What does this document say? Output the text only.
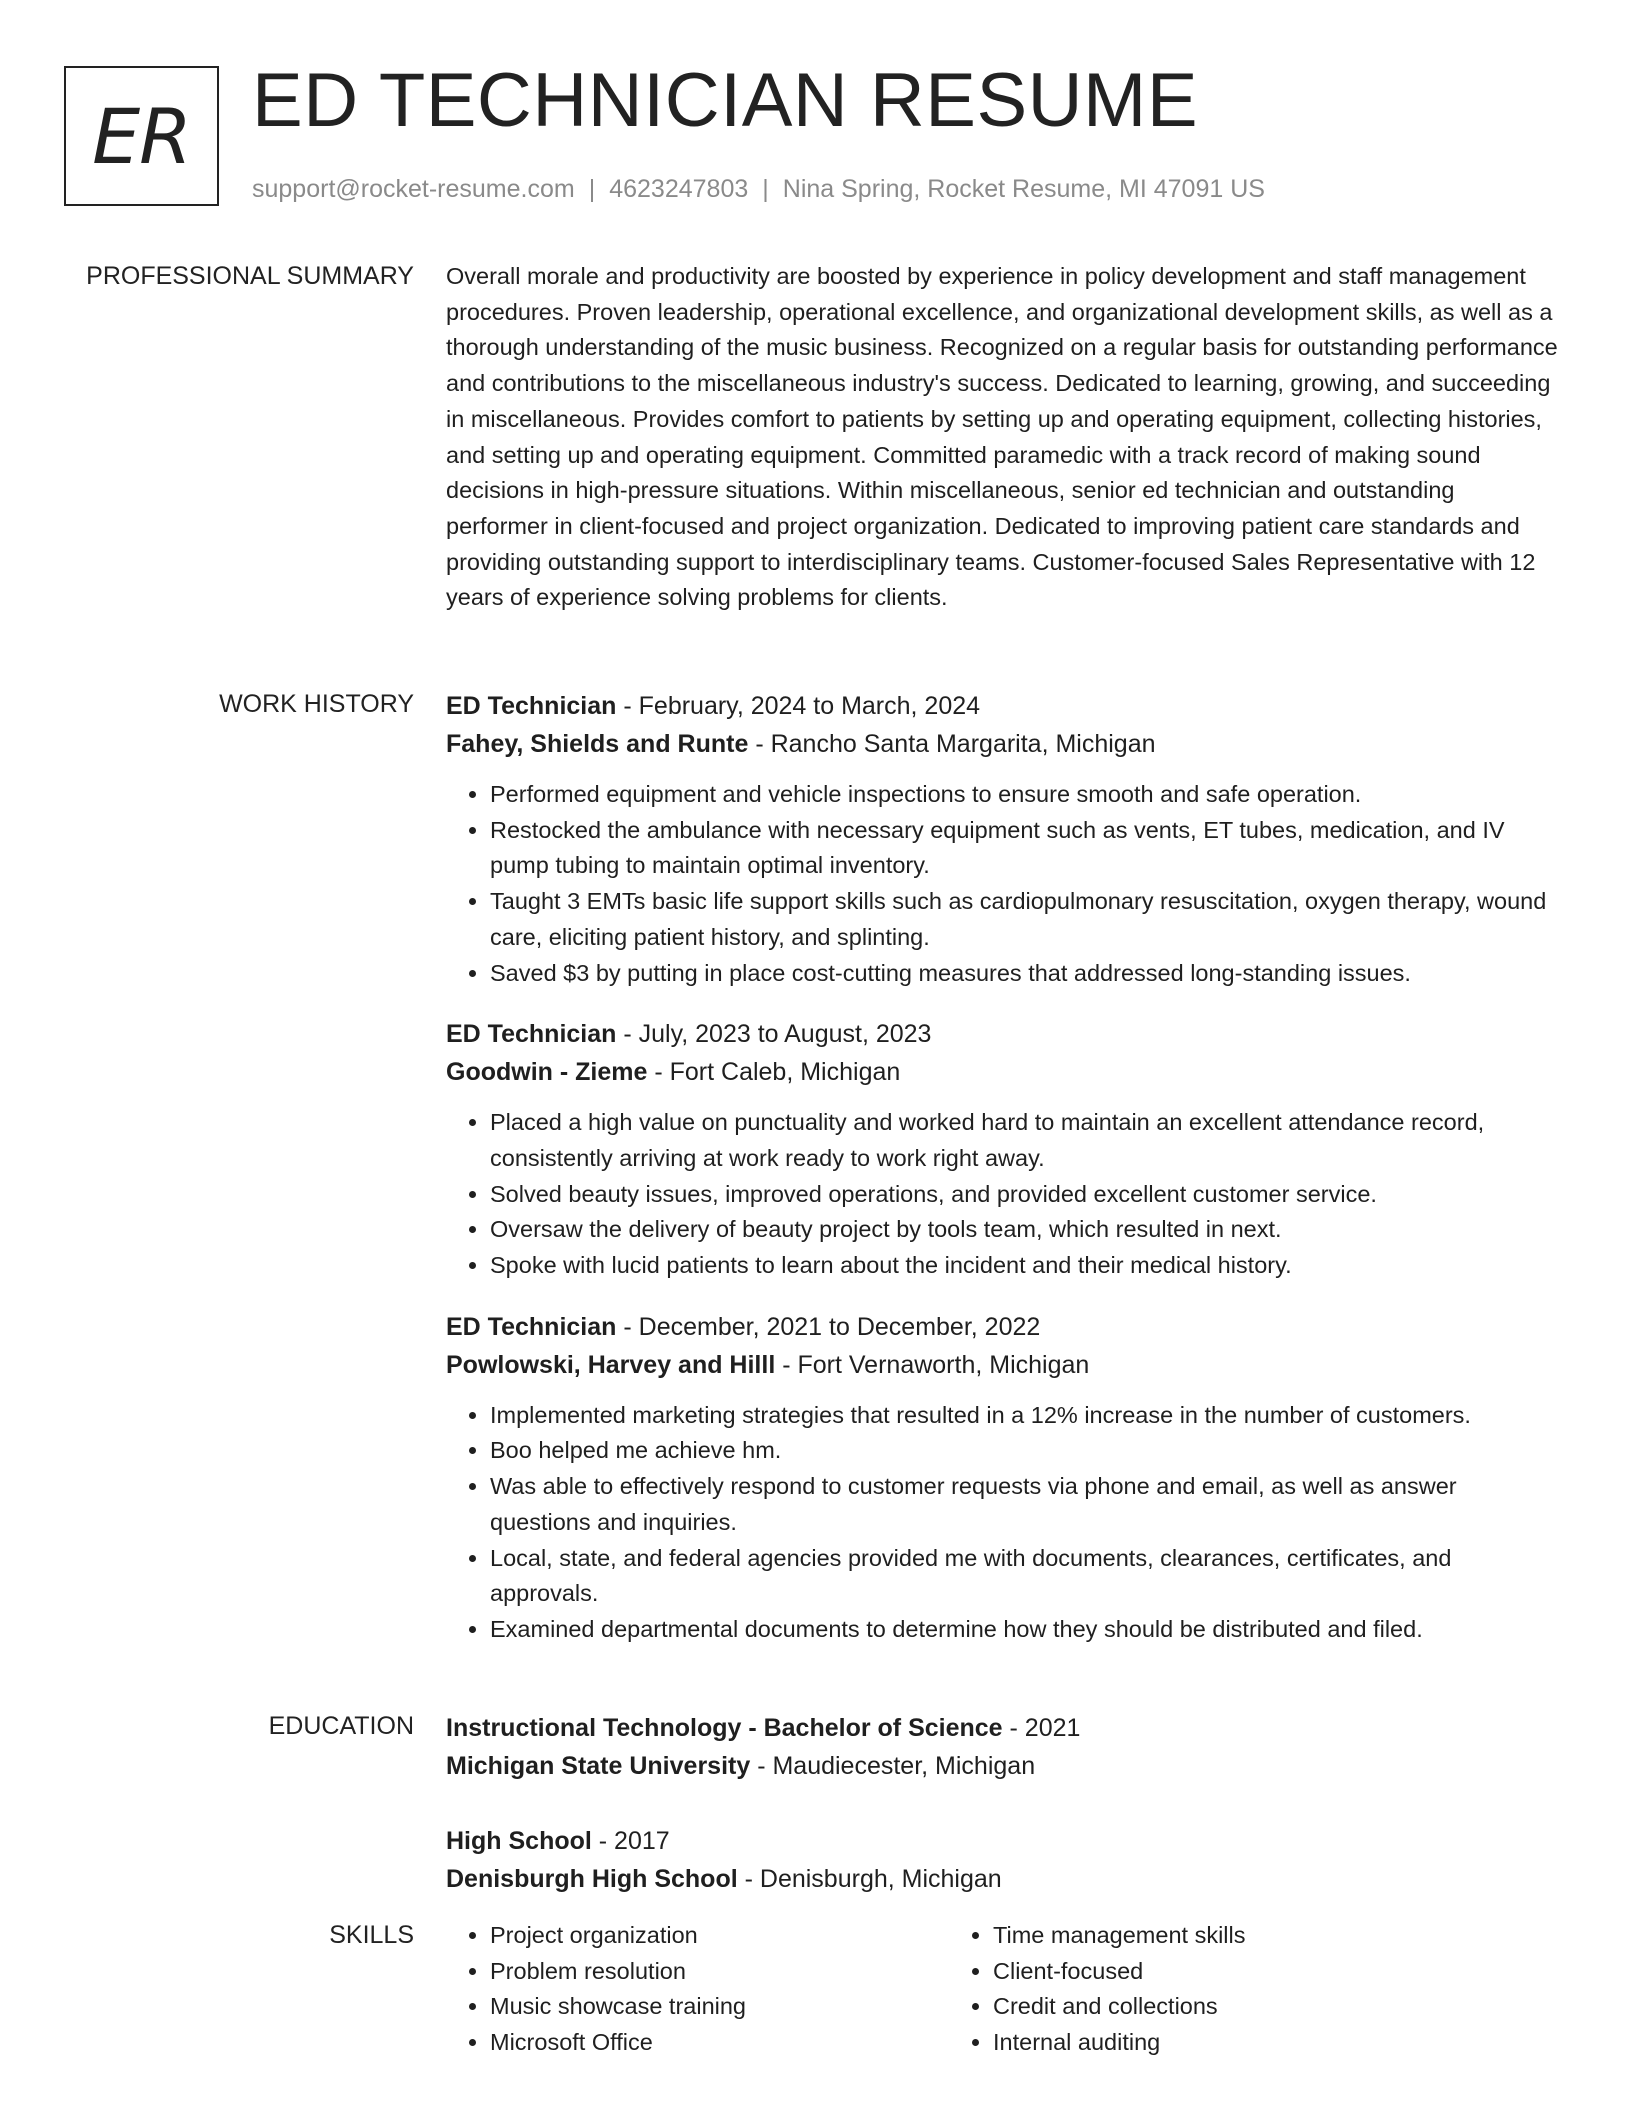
ER ED TECHNICIAN RESUME
support@rocket-resume.com | 4623247803 | Nina Spring, Rocket Resume, MI 47091 US
PROFESSIONAL SUMMARY Overall morale and productivity are boosted by experience in policy development and staff management procedures. Proven leadership, operational excellence, and organizational development skills, as well as a thorough understanding of the music business. Recognized on a regular basis for outstanding performance and contributions to the miscellaneous industry's success. Dedicated to learning, growing, and succeeding in miscellaneous. Provides comfort to patients by setting up and operating equipment, collecting histories, and setting up and operating equipment. Committed paramedic with a track record of making sound decisions in high-pressure situations. Within miscellaneous, senior ed technician and outstanding performer in client-focused and project organization. Dedicated to improving patient care standards and providing outstanding support to interdisciplinary teams. Customer-focused Sales Representative with 12 years of experience solving problems for clients.

WORK HISTORY ED Technician - February, 2024 to March, 2024
Fahey, Shields and Runte - Rancho Santa Margarita, Michigan
• Performed equipment and vehicle inspections to ensure smooth and safe operation.
• Restocked the ambulance with necessary equipment such as vents, ET tubes, medication, and IV pump tubing to maintain optimal inventory.
• Taught 3 EMTs basic life support skills such as cardiopulmonary resuscitation, oxygen therapy, wound care, eliciting patient history, and splinting.
• Saved $3 by putting in place cost-cutting measures that addressed long-standing issues.
ED Technician - July, 2023 to August, 2023
Goodwin - Zieme - Fort Caleb, Michigan
• Placed a high value on punctuality and worked hard to maintain an excellent attendance record, consistently arriving at work ready to work right away.
• Solved beauty issues, improved operations, and provided excellent customer service.
• Oversaw the delivery of beauty project by tools team, which resulted in next.
• Spoke with lucid patients to learn about the incident and their medical history.
ED Technician - December, 2021 to December, 2022
Powlowski, Harvey and Hilll - Fort Vernaworth, Michigan
• Implemented marketing strategies that resulted in a 12% increase in the number of customers.
• Boo helped me achieve hm.
• Was able to effectively respond to customer requests via phone and email, as well as answer questions and inquiries.
• Local, state, and federal agencies provided me with documents, clearances, certificates, and approvals.
• Examined departmental documents to determine how they should be distributed and filed.
EDUCATION Instructional Technology - Bachelor of Science - 2021
Michigan State University - Maudiecester, Michigan
High School - 2017
Denisburgh High School - Denisburgh, Michigan
SKILLS
•	Project organization
• Problem resolution
• Music showcase training
• Microsoft Office
• Time management skills
• Client-focused
• Credit and collections
• Internal auditing
